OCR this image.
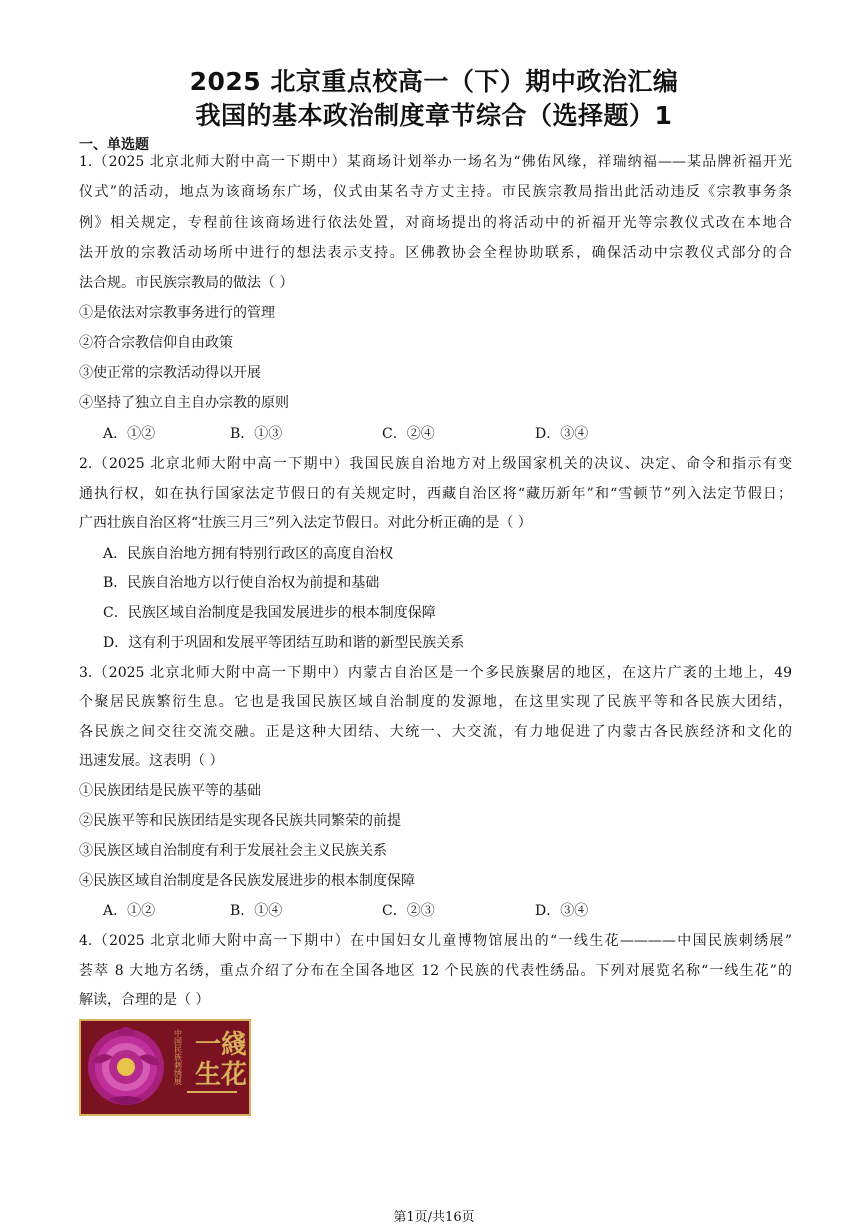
2025 北京重点校高一（下）期中政治汇编
我国的基本政治制度章节综合（选择题）1
一、单选题
1.（2025 北京北师大附中高一下期中）某商场计划举办一场名为“佛佑风缘，祥瑞纳福——某品牌祈福开光
仪式”的活动，地点为该商场东广场，仪式由某名寺方丈主持。市民族宗教局指出此活动违反《宗教事务条
例》相关规定，专程前往该商场进行依法处置，对商场提出的将活动中的祈福开光等宗教仪式改在本地合
法开放的宗教活动场所中进行的想法表示支持。区佛教协会全程协助联系，确保活动中宗教仪式部分的合
法合规。市民族宗教局的做法（ ）
①是依法对宗教事务进行的管理
②符合宗教信仰自由政策
③使正常的宗教活动得以开展
④坚持了独立自主自办宗教的原则
A．①②	B．①③	C．②④	D．③④
2.（2025 北京北师大附中高一下期中）我国民族自治地方对上级国家机关的决议、决定、命令和指示有变
通执行权，如在执行国家法定节假日的有关规定时，西藏自治区将“藏历新年”和“雪顿节”列入法定节假日；
广西壮族自治区将“壮族三月三”列入法定节假日。对此分析正确的是（ ）
A．民族自治地方拥有特别行政区的高度自治权
B．民族自治地方以行使自治权为前提和基础
C．民族区域自治制度是我国发展进步的根本制度保障
D．这有利于巩固和发展平等团结互助和谐的新型民族关系
3.（2025 北京北师大附中高一下期中）内蒙古自治区是一个多民族聚居的地区，在这片广袤的土地上，49
个聚居民族繁衍生息。它也是我国民族区域自治制度的发源地，在这里实现了民族平等和各民族大团结，
各民族之间交往交流交融。正是这种大团结、大统一、大交流，有力地促进了内蒙古各民族经济和文化的
迅速发展。这表明（ ）
①民族团结是民族平等的基础
②民族平等和民族团结是实现各民族共同繁荣的前提
③民族区域自治制度有利于发展社会主义民族关系
④民族区域自治制度是各民族发展进步的根本制度保障
A．①②	B．①④	C．②③	D．③④
4.（2025 北京北师大附中高一下期中）在中国妇女儿童博物馆展出的“一线生花————中国民族刺绣展”
荟萃 8 大地方名绣，重点介绍了分布在全国各地区 12 个民族的代表性绣品。下列对展览名称“一线生花”的
解读，合理的是（ ）
中国民族刺绣展 一綫
生花
第1页/共16页
